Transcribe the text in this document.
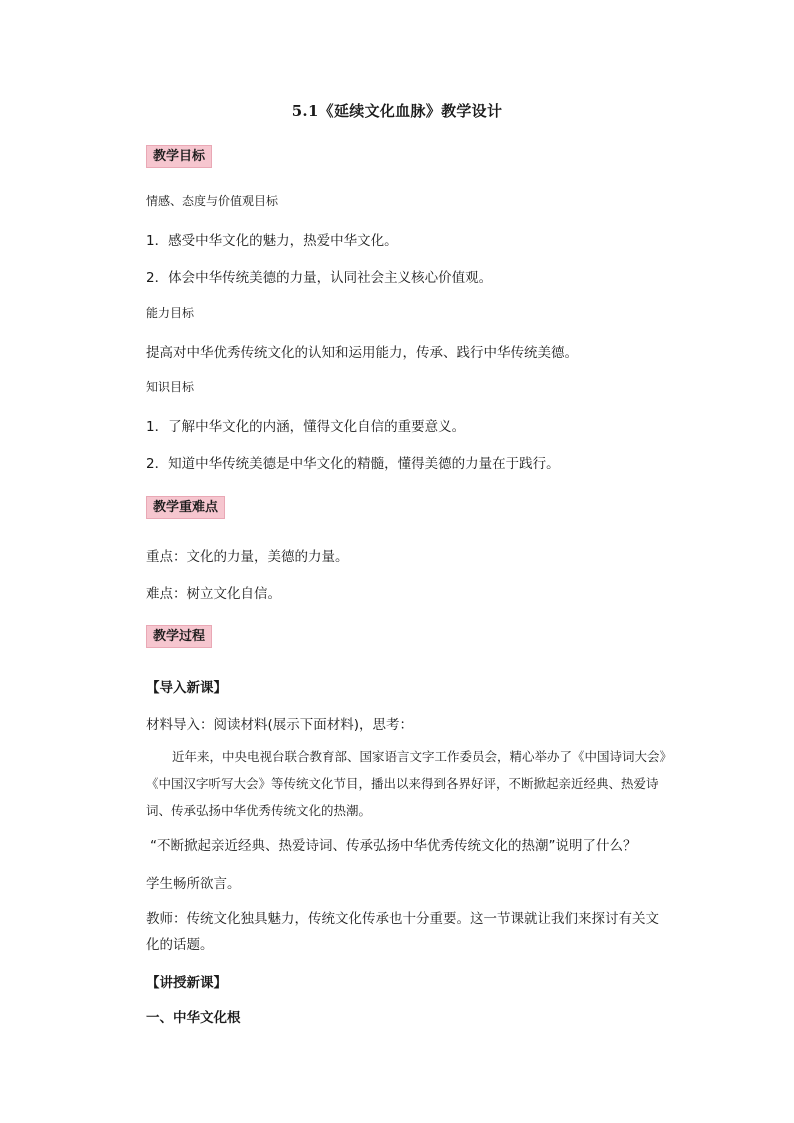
5.1《延续文化血脉》教学设计
教学目标
情感、态度与价值观目标
1．感受中华文化的魅力，热爱中华文化。
2．体会中华传统美德的力量，认同社会主义核心价值观。
能力目标
提高对中华优秀传统文化的认知和运用能力，传承、践行中华传统美德。
知识目标
1．了解中华文化的内涵，懂得文化自信的重要意义。
2．知道中华传统美德是中华文化的精髓，懂得美德的力量在于践行。
教学重难点
重点：文化的力量，美德的力量。
难点：树立文化自信。
教学过程
【导入新课】
材料导入：阅读材料(展示下面材料)，思考：
近年来，中央电视台联合教育部、国家语言文字工作委员会，精心举办了《中国诗词大会》《中国汉字听写大会》等传统文化节目，播出以来得到各界好评，不断掀起亲近经典、热爱诗词、传承弘扬中华优秀传统文化的热潮。
“不断掀起亲近经典、热爱诗词、传承弘扬中华优秀传统文化的热潮”说明了什么？
学生畅所欲言。
教师：传统文化独具魅力，传统文化传承也十分重要。这一节课就让我们来探讨有关文化的话题。
【讲授新课】
一、中华文化根
